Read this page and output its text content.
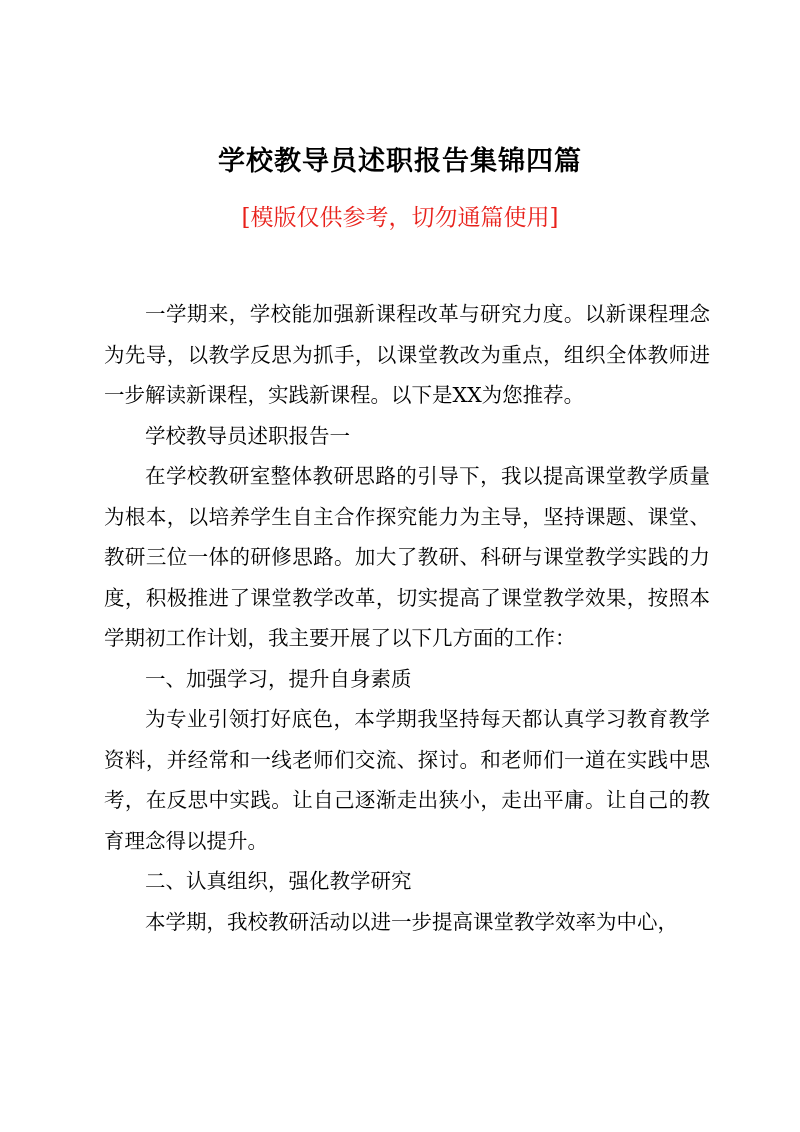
学校教导员述职报告集锦四篇
[模版仅供参考，切勿通篇使用]

一学期来，学校能加强新课程改革与研究力度。以新课程理念为先导，以教学反思为抓手，以课堂教改为重点，组织全体教师进一步解读新课程，实践新课程。以下是XX为您推荐。

学校教导员述职报告一

在学校教研室整体教研思路的引导下，我以提高课堂教学质量为根本，以培养学生自主合作探究能力为主导，坚持课题、课堂、教研三位一体的研修思路。加大了教研、科研与课堂教学实践的力度，积极推进了课堂教学改革，切实提高了课堂教学效果，按照本学期初工作计划，我主要开展了以下几方面的工作：

一、加强学习，提升自身素质

为专业引领打好底色，本学期我坚持每天都认真学习教育教学资料，并经常和一线老师们交流、探讨。和老师们一道在实践中思考，在反思中实践。让自己逐渐走出狭小，走出平庸。让自己的教育理念得以提升。

二、认真组织，强化教学研究

本学期，我校教研活动以进一步提高课堂教学效率为中心，
